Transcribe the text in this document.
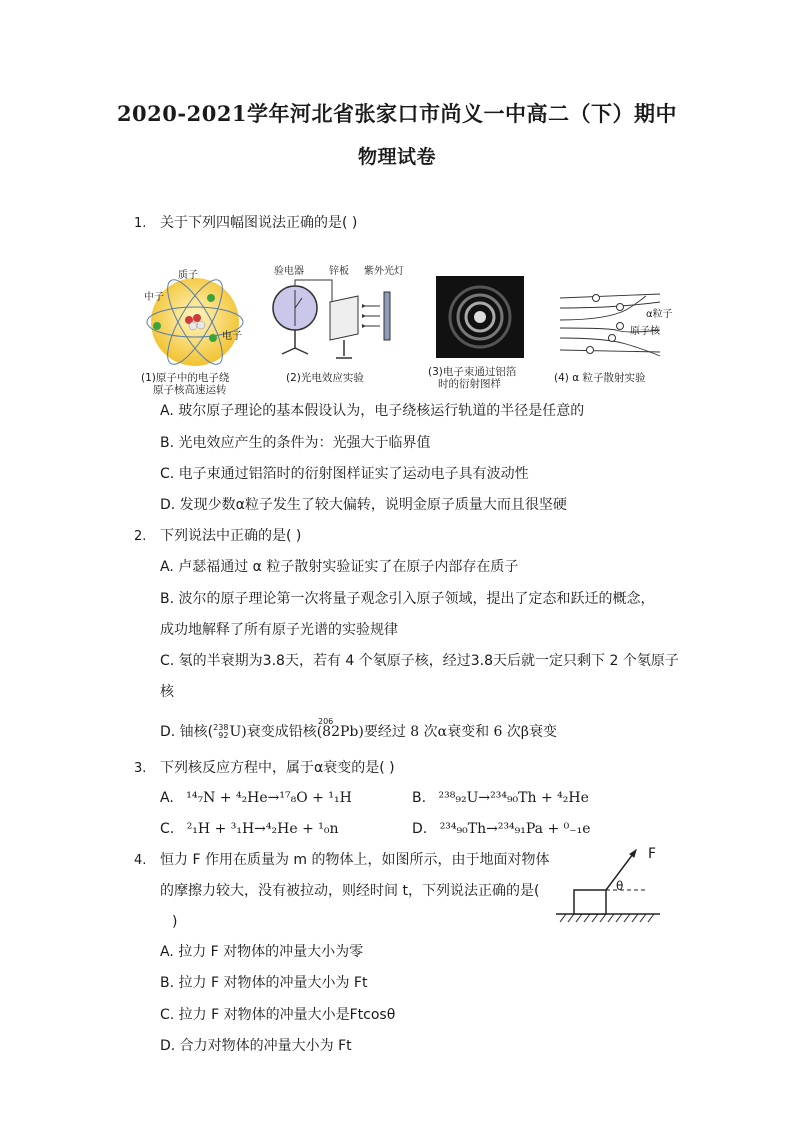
2020-2021学年河北省张家口市尚义一中高二（下）期中
物理试卷
1. 关于下列四幅图说法正确的是( )
质子
中子
电子
验电器	锌板 紫外光灯
α粒子
原子核
(1)原子中的电子绕
原子核高速运转
(2)光电效应实验	(3)电子束通过铝箔
时的衍射图样	(4) α 粒子散射实验
A. 玻尔原子理论的基本假设认为，电子绕核运行轨道的半径是任意的
B. 光电效应产生的条件为：光强大于临界值
C. 电子束通过铝箔时的衍射图样证实了运动电子具有波动性
D. 发现少数α粒子发生了较大偏转，说明金原子质量大而且很坚硬
2. 下列说法中正确的是( )
A. 卢瑟福通过 α 粒子散射实验证实了在原子内部存在质子
B. 波尔的原子理论第一次将量子观念引入原子领域，提出了定态和跃迁的概念，
成功地解释了所有原子光谱的实验规律
C. 氡的半衰期为3.8天，若有 4 个氡原子核，经过3.8天后就一定只剩下 2 个氡原子
核
D. 铀核( 238
92 U)衰变成铅核(
206
82Pb)要经过 8 次α衰变和 6 次β衰变
3. 下列核反应方程中，属于α衰变的是( )
A. ¹⁴₇N + ⁴₂He→¹⁷₈O + ¹₁H	B. ²³⁸₉₂U→²³⁴₉₀Th + ⁴₂He
C. ²₁H + ³₁H→⁴₂He + ¹₀n	D. ²³⁴₉₀Th→²³⁴₉₁Pa + ⁰₋₁e
4. 恒力 F 作用在质量为 m 的物体上，如图所示，由于地面对物体
的摩擦力较大，没有被拉动，则经时间 t，下列说法正确的是(
)
F
θ
A. 拉力 F 对物体的冲量大小为零
B. 拉力 F 对物体的冲量大小为 Ft
C. 拉力 F 对物体的冲量大小是Ftcosθ
D. 合力对物体的冲量大小为 Ft
